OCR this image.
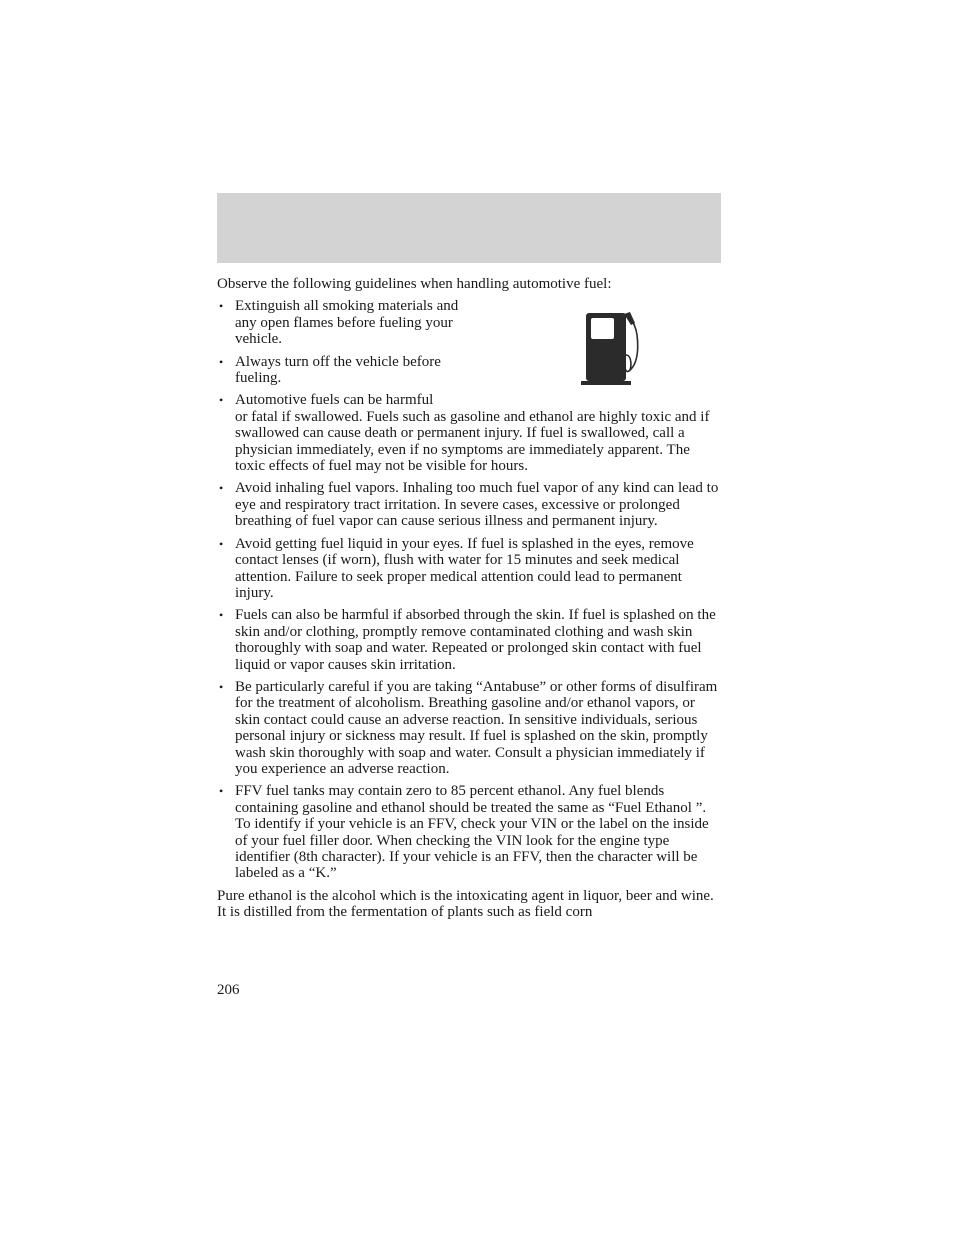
Observe the following guidelines when handling automotive fuel:

• Extinguish all smoking materials and any open flames before fueling your vehicle.
• Always turn off the vehicle before fueling.
• Automotive fuels can be harmful
or fatal if swallowed. Fuels such as gasoline and ethanol are highly toxic and if swallowed can cause death or permanent injury. If fuel is swallowed, call a physician immediately, even if no symptoms are immediately apparent. The toxic effects of fuel may not be visible for hours.
• Avoid inhaling fuel vapors. Inhaling too much fuel vapor of any kind can lead to eye and respiratory tract irritation. In severe cases, excessive or prolonged breathing of fuel vapor can cause serious illness and permanent injury.
• Avoid getting fuel liquid in your eyes. If fuel is splashed in the eyes, remove contact lenses (if worn), flush with water for 15 minutes and seek medical attention. Failure to seek proper medical attention could lead to permanent injury.
• Fuels can also be harmful if absorbed through the skin. If fuel is splashed on the skin and/or clothing, promptly remove contaminated clothing and wash skin thoroughly with soap and water. Repeated or prolonged skin contact with fuel liquid or vapor causes skin irritation.
• Be particularly careful if you are taking “Antabuse” or other forms of disulfiram for the treatment of alcoholism. Breathing gasoline and/or ethanol vapors, or skin contact could cause an adverse reaction. In sensitive individuals, serious personal injury or sickness may result. If fuel is splashed on the skin, promptly wash skin thoroughly with soap and water. Consult a physician immediately if you experience an adverse reaction.
• FFV fuel tanks may contain zero to 85 percent ethanol. Any fuel blends containing gasoline and ethanol should be treated the same as “Fuel Ethanol ”. To identify if your vehicle is an FFV, check your VIN or the label on the inside of your fuel filler door. When checking the VIN look for the engine type identifier (8th character). If your vehicle is an FFV, then the character will be labeled as a “K.”

Pure ethanol is the alcohol which is the intoxicating agent in liquor, beer and wine. It is distilled from the fermentation of plants such as field corn

206
